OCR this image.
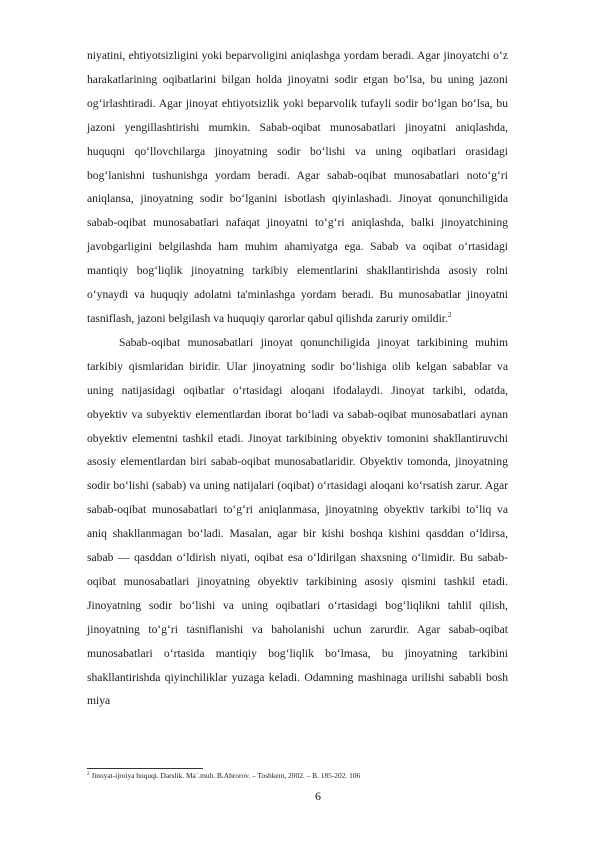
niyatini, ehtiyotsizligini yoki beparvoligini aniqlashga yordam beradi. Agar jinoyatchi o‘z harakatlarining oqibatlarini bilgan holda jinoyatni sodir etgan bo‘lsa, bu uning jazoni og‘irlashtiradi. Agar jinoyat ehtiyotsizlik yoki beparvolik tufayli sodir bo‘lgan bo‘lsa, bu jazoni yengillashtirishi mumkin. Sabab-oqibat munosabatlari jinoyatni aniqlashda, huquqni qo‘llovchilarga jinoyatning sodir bo‘lishi va uning oqibatlari orasidagi bog‘lanishni tushunishga yordam beradi. Agar sabab-oqibat munosabatlari noto‘g‘ri aniqlansa, jinoyatning sodir bo‘lganini isbotlash qiyinlashadi. Jinoyat qonunchiligida sabab-oqibat munosabatlari nafaqat jinoyatni to‘g‘ri aniqlashda, balki jinoyatchining javobgarligini belgilashda ham muhim ahamiyatga ega. Sabab va oqibat o‘rtasidagi mantiqiy bog‘liqlik jinoyatning tarkibiy elementlarini shakllantirishda asosiy rolni o‘ynaydi va huquqiy adolatni ta'minlashga yordam beradi. Bu munosabatlar jinoyatni tasniflash, jazoni belgilash va huquqiy qarorlar qabul qilishda zaruriy omildir.$^2$

Sabab-oqibat munosabatlari jinoyat qonunchiligida jinoyat tarkibining muhim tarkibiy qismlaridan biridir. Ular jinoyatning sodir bo‘lishiga olib kelgan sabablar va uning natijasidagi oqibatlar o‘rtasidagi aloqani ifodalaydi. Jinoyat tarkibi, odatda, obyektiv va subyektiv elementlardan iborat bo‘ladi va sabab-oqibat munosabatlari aynan obyektiv elementni tashkil etadi. Jinoyat tarkibining obyektiv tomonini shakllantiruvchi asosiy elementlardan biri sabab-oqibat munosabatlaridir. Obyektiv tomonda, jinoyatning sodir bo‘lishi (sabab) va uning natijalari (oqibat) o‘rtasidagi aloqani ko‘rsatish zarur. Agar sabab-oqibat munosabatlari to‘g‘ri aniqlanmasa, jinoyatning obyektiv tarkibi to‘liq va aniq shakllanmagan bo‘ladi. Masalan, agar bir kishi boshqa kishini qasddan o‘ldirsa, sabab — qasddan o‘ldirish niyati, oqibat esa o‘ldirilgan shaxsning o‘limidir. Bu sabab-oqibat munosabatlari jinoyatning obyektiv tarkibining asosiy qismini tashkil etadi. Jinoyatning sodir bo‘lishi va uning oqibatlari o‘rtasidagi bog‘liqlikni tahlil qilish, jinoyatning to‘g‘ri tasniflanishi va baholanishi uchun zarurdir. Agar sabab-oqibat munosabatlari o‘rtasida mantiqiy bog‘liqlik bo‘lmasa, bu jinoyatning tarkibini shakllantirishda qiyinchiliklar yuzaga keladi. Odamning mashinaga urilishi sababli bosh miya

$^2$ Jinoyat-ijroiya huquqi. Darslik. Ma`.muh. B.Ahrorov. – Toshkent, 2002. – B. 185-202. 106
6
